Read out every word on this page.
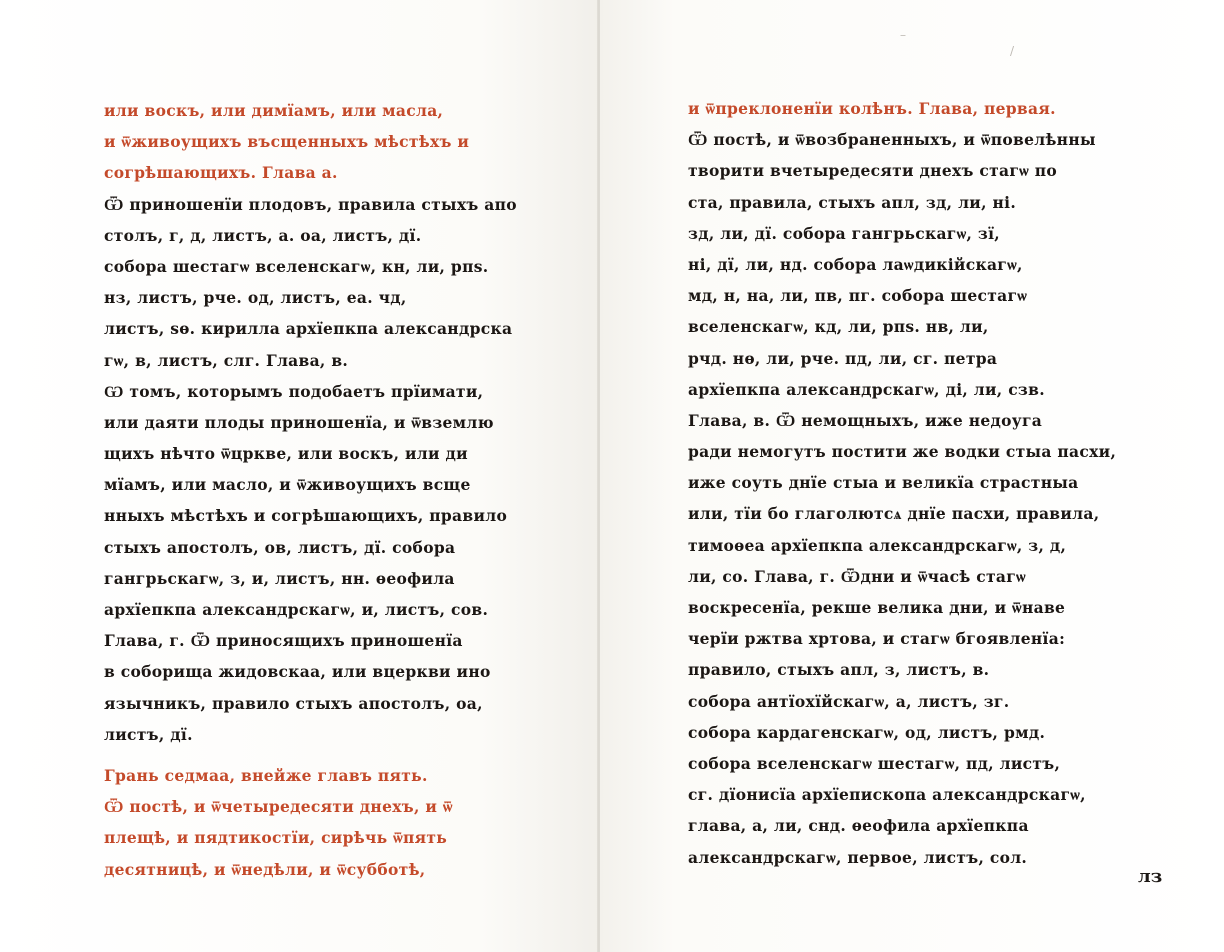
или воскъ, или димїамъ, или масла,
и ѿживоущихъ въсщенныхъ мѣстѣхъ и
согрѣшающихъ. Глава а.
Ѿ приношенїи плодовъ, правила стыхъ апо
столъ, г, д, листъ, а. оа, листъ, дї.
собора шестагѡ вселенскагѡ, кн, ли, рпѕ.
нз, листъ, рче. од, листъ, еа. чд,
листъ, ѕѳ. кирилла архїепкпа александрска
гѡ, в, листъ, слг. Глава, в.
Ѡ томъ, которымъ подобаетъ прїимати,
или даяти плоды приношенїа, и ѿвземлю
щихъ нѣчто ѿцркве, или воскъ, или ди
мїамъ, или масло, и ѿживоущихъ всще
нныхъ мѣстѣхъ и согрѣшающихъ, правило
стыхъ апостолъ, ов, листъ, дї. собора
гангрьскагѡ, з, и, листъ, нн. ѳеофила
архїепкпа александрскагѡ, и, листъ, сов.
Глава, г. Ѿ приносящихъ приношенїа
в соборища жидовскаа, или вцеркви ино
язычникъ, правило стыхъ апостолъ, оа,
листъ, дї.
Грань седмаа, внейже главъ пять.
Ѿ постѣ, и ѿчетыредесяти днехъ, и ѿ
плещѣ, и пядтикостїи, сирѣчь ѿпять
десятницѣ, и ѿнедѣли, и ѿсубботѣ,
и ѿпреклоненїи колѣнъ. Глава, первая.
Ѿ постѣ, и ѿвозбраненныхъ, и ѿповелѣнны
творити вчетыредесяти днехъ стагѡ по
ста, правила, стыхъ апл, зд, ли, ні.
зд, ли, дї. собора гангрьскагѡ, зї,
ні, дї, ли, нд. собора лаѡдикійскагѡ,
мд, н, на, ли, пв, пг. собора шестагѡ
вселенскагѡ, кд, ли, рпѕ. нв, ли,
рчд. нѳ, ли, рче. пд, ли, сг. петра
архїепкпа александрскагѡ, ді, ли, сзв.
Глава, в. Ѿ немощныхъ, иже недоуга
ради немогутъ постити же водки стыа пасхи,
иже соуть днїе стыа и великїа страстныа
или, тїи бо глаголютсѧ днїе пасхи, правила,
тимоѳеа архїепкпа александрскагѡ, з, д,
ли, со. Глава, г. Ѿдни и ѿчасѣ стагѡ
воскресенїа, рекше велика дни, и ѿнаве
черїи ржтва хртова, и стагѡ бгоявленїа:
правило, стыхъ апл, з, листъ, в.
собора антїохїйскагѡ, а, листъ, зг.
собора кардагенскагѡ, од, листъ, рмд.
собора вселенскагѡ шестагѡ, пд, листъ,
сг. дїонисїа архїепископа александрскагѡ,
глава, а, ли, снд. ѳеофила архїепкпа
александрскагѡ, первое, листъ, сол.
лз
–
/
